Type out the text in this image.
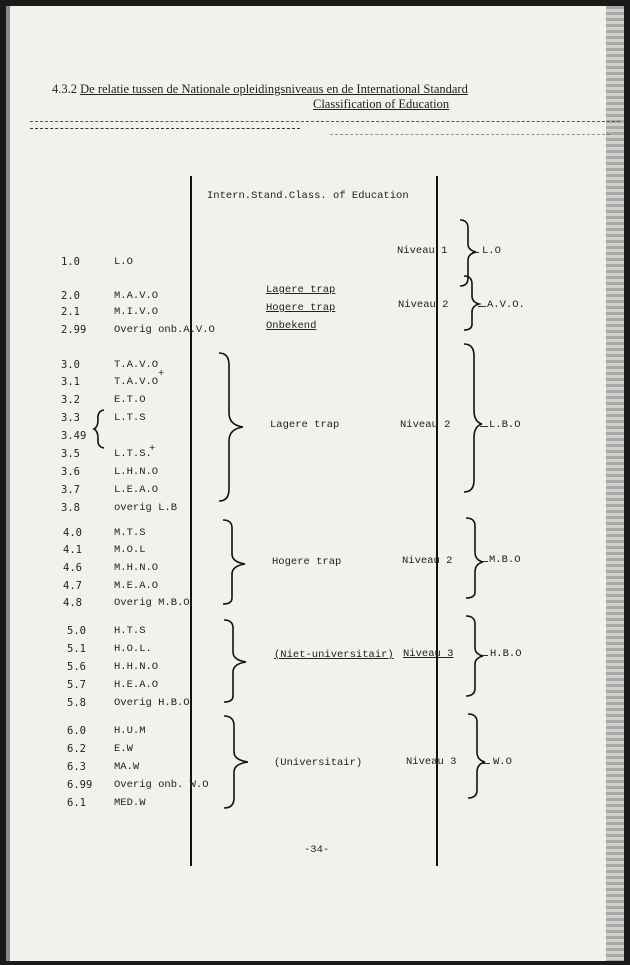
4.3.2 De relatie tussen de Nationale opleidingsniveaus en de International Standard
Classification of Education
Intern.Stand.Class. of Education
1.0	L.O
2.0	M.A.V.O
2.1	M.I.V.O
2.99	Overig onb.A.V.O
3.0	T.A.V.O
3.1	T.A.V.O
3.2	E.T.O
3.3	L.T.S
3.49
3.5	L.T.S.
3.6	L.H.N.O
3.7	L.E.A.O
3.8	overig L.B
4.0	M.T.S
4.1	M.O.L
4.6	M.H.N.O
4.7	M.E.A.O
4.8	Overig M.B.O
5.0	H.T.S
5.1	H.O.L.
5.6	H.H.N.O
5.7	H.E.A.O
5.8	Overig H.B.O
6.0	H.U.M
6.2	E.W
6.3	MA.W
6.99 Overig onb. W.O
6.1	MED.W
+
+
Lagere trap
Hogere trap
Onbekend
Lagere trap
Hogere trap
(Niet-universitair)
(Universitair)
Niveau 1
Niveau 2
Niveau 2
Niveau 2
Niveau 3
Niveau 3
L.O
A.V.O.
L.B.O
M.B.O
H.B.O
W.O
-34-
